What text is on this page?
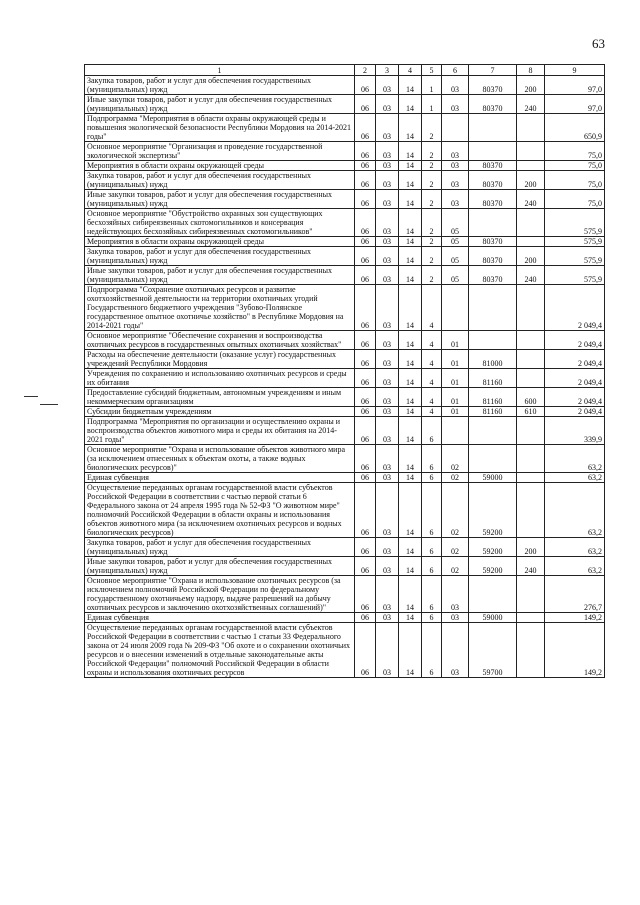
63
1	2	3	4	5	6	7	8	9
Закупка товаров, работ и услуг для обеспечения государственных (муниципальных) нужд	06	03	14	1	03	80370	200	97,0
Иные закупки товаров, работ и услуг для обеспечения государственных (муниципальных) нужд	06	03	14	1	03	80370	240	97,0
Подпрограмма "Мероприятия в области охраны окружающей среды и повышения экологической безопасности Республики Мордовия на 2014-2021 годы"	06	03	14	2				650,9
Основное мероприятие "Организация и проведение государственной экологической экспертизы"	06	03	14	2	03			75,0
Мероприятия в области охраны окружающей среды	06	03	14	2	03	80370		75,0
Закупка товаров, работ и услуг для обеспечения государственных (муниципальных) нужд	06	03	14	2	03	80370	200	75,0
Иные закупки товаров, работ и услуг для обеспечения государственных (муниципальных) нужд	06	03	14	2	03	80370	240	75,0
Основное мероприятие "Обустройство охранных зон существующих бесхозяйных сибиреязвенных скотомогильников и консервация недействующих бесхозяйных сибиреязвенных скотомогильников"	06	03	14	2	05			575,9
Мероприятия в области охраны окружающей среды	06	03	14	2	05	80370		575,9
Закупка товаров, работ и услуг для обеспечения государственных (муниципальных) нужд	06	03	14	2	05	80370	200	575,9
Иные закупки товаров, работ и услуг для обеспечения государственных (муниципальных) нужд	06	03	14	2	05	80370	240	575,9
Подпрограмма "Сохранение охотничьих ресурсов и развитие охотхозяйственной деятельности на территории охотничьих угодий Государственного бюджетного учреждения "Зубово-Полянское государственное опытное охотничье хозяйство" в Республике Мордовия на 2014-2021 годы"	06	03	14	4				2 049,4
Основное мероприятие "Обеспечение сохранения и воспроизводства охотничьих ресурсов в государственных опытных охотничьих хозяйствах"	06	03	14	4	01			2 049,4
Расходы на обеспечение деятельности (оказание услуг) государственных учреждений Республики Мордовия	06	03	14	4	01	81000		2 049,4
Учреждения по сохранению и использованию охотничьих ресурсов и среды их обитания	06	03	14	4	01	81160		2 049,4
Предоставление субсидий бюджетным, автономным учреждениям и иным некоммерческим организациям	06	03	14	4	01	81160	600	2 049,4
Субсидии бюджетным учреждениям	06	03	14	4	01	81160	610	2 049,4
Подпрограмма "Мероприятия по организации и осуществлению охраны и воспроизводства объектов животного мира и среды их обитания на 2014-2021 годы"	06	03	14	6				339,9
Основное мероприятие "Охрана и использование объектов животного мира (за исключением отнесенных к объектам охоты, а также водных биологических ресурсов)"	06	03	14	6	02			63,2
Единая субвенция	06	03	14	6	02	59000		63,2
Осуществление переданных органам государственной власти субъектов Российской Федерации в соответствии с частью первой статьи 6 Федерального закона от 24 апреля 1995 года № 52-ФЗ "О животном мире" полномочий Российской Федерации в области охраны и использования объектов животного мира (за исключением охотничьих ресурсов и водных биологических ресурсов)	06	03	14	6	02	59200		63,2
Закупка товаров, работ и услуг для обеспечения государственных (муниципальных) нужд	06	03	14	6	02	59200	200	63,2
Иные закупки товаров, работ и услуг для обеспечения государственных (муниципальных) нужд	06	03	14	6	02	59200	240	63,2
Основное мероприятие "Охрана и использование охотничьих ресурсов (за исключением полномочий Российской Федерации по федеральному государственному охотничьему надзору, выдаче разрешений на добычу охотничьих ресурсов и заключению охотхозяйственных соглашений)"	06	03	14	6	03			276,7
Единая субвенция	06	03	14	6	03	59000		149,2
Осуществление переданных органам государственной власти субъектов Российской Федерации в соответствии с частью 1 статьи 33 Федерального закона от 24 июля 2009 года № 209-ФЗ "Об охоте и о сохранении охотничьих ресурсов и о внесении изменений в отдельные законодательные акты Российской Федерации" полномочий Российской Федерации в области охраны и использования охотничьих ресурсов	06	03	14	6	03	59700		149,2
